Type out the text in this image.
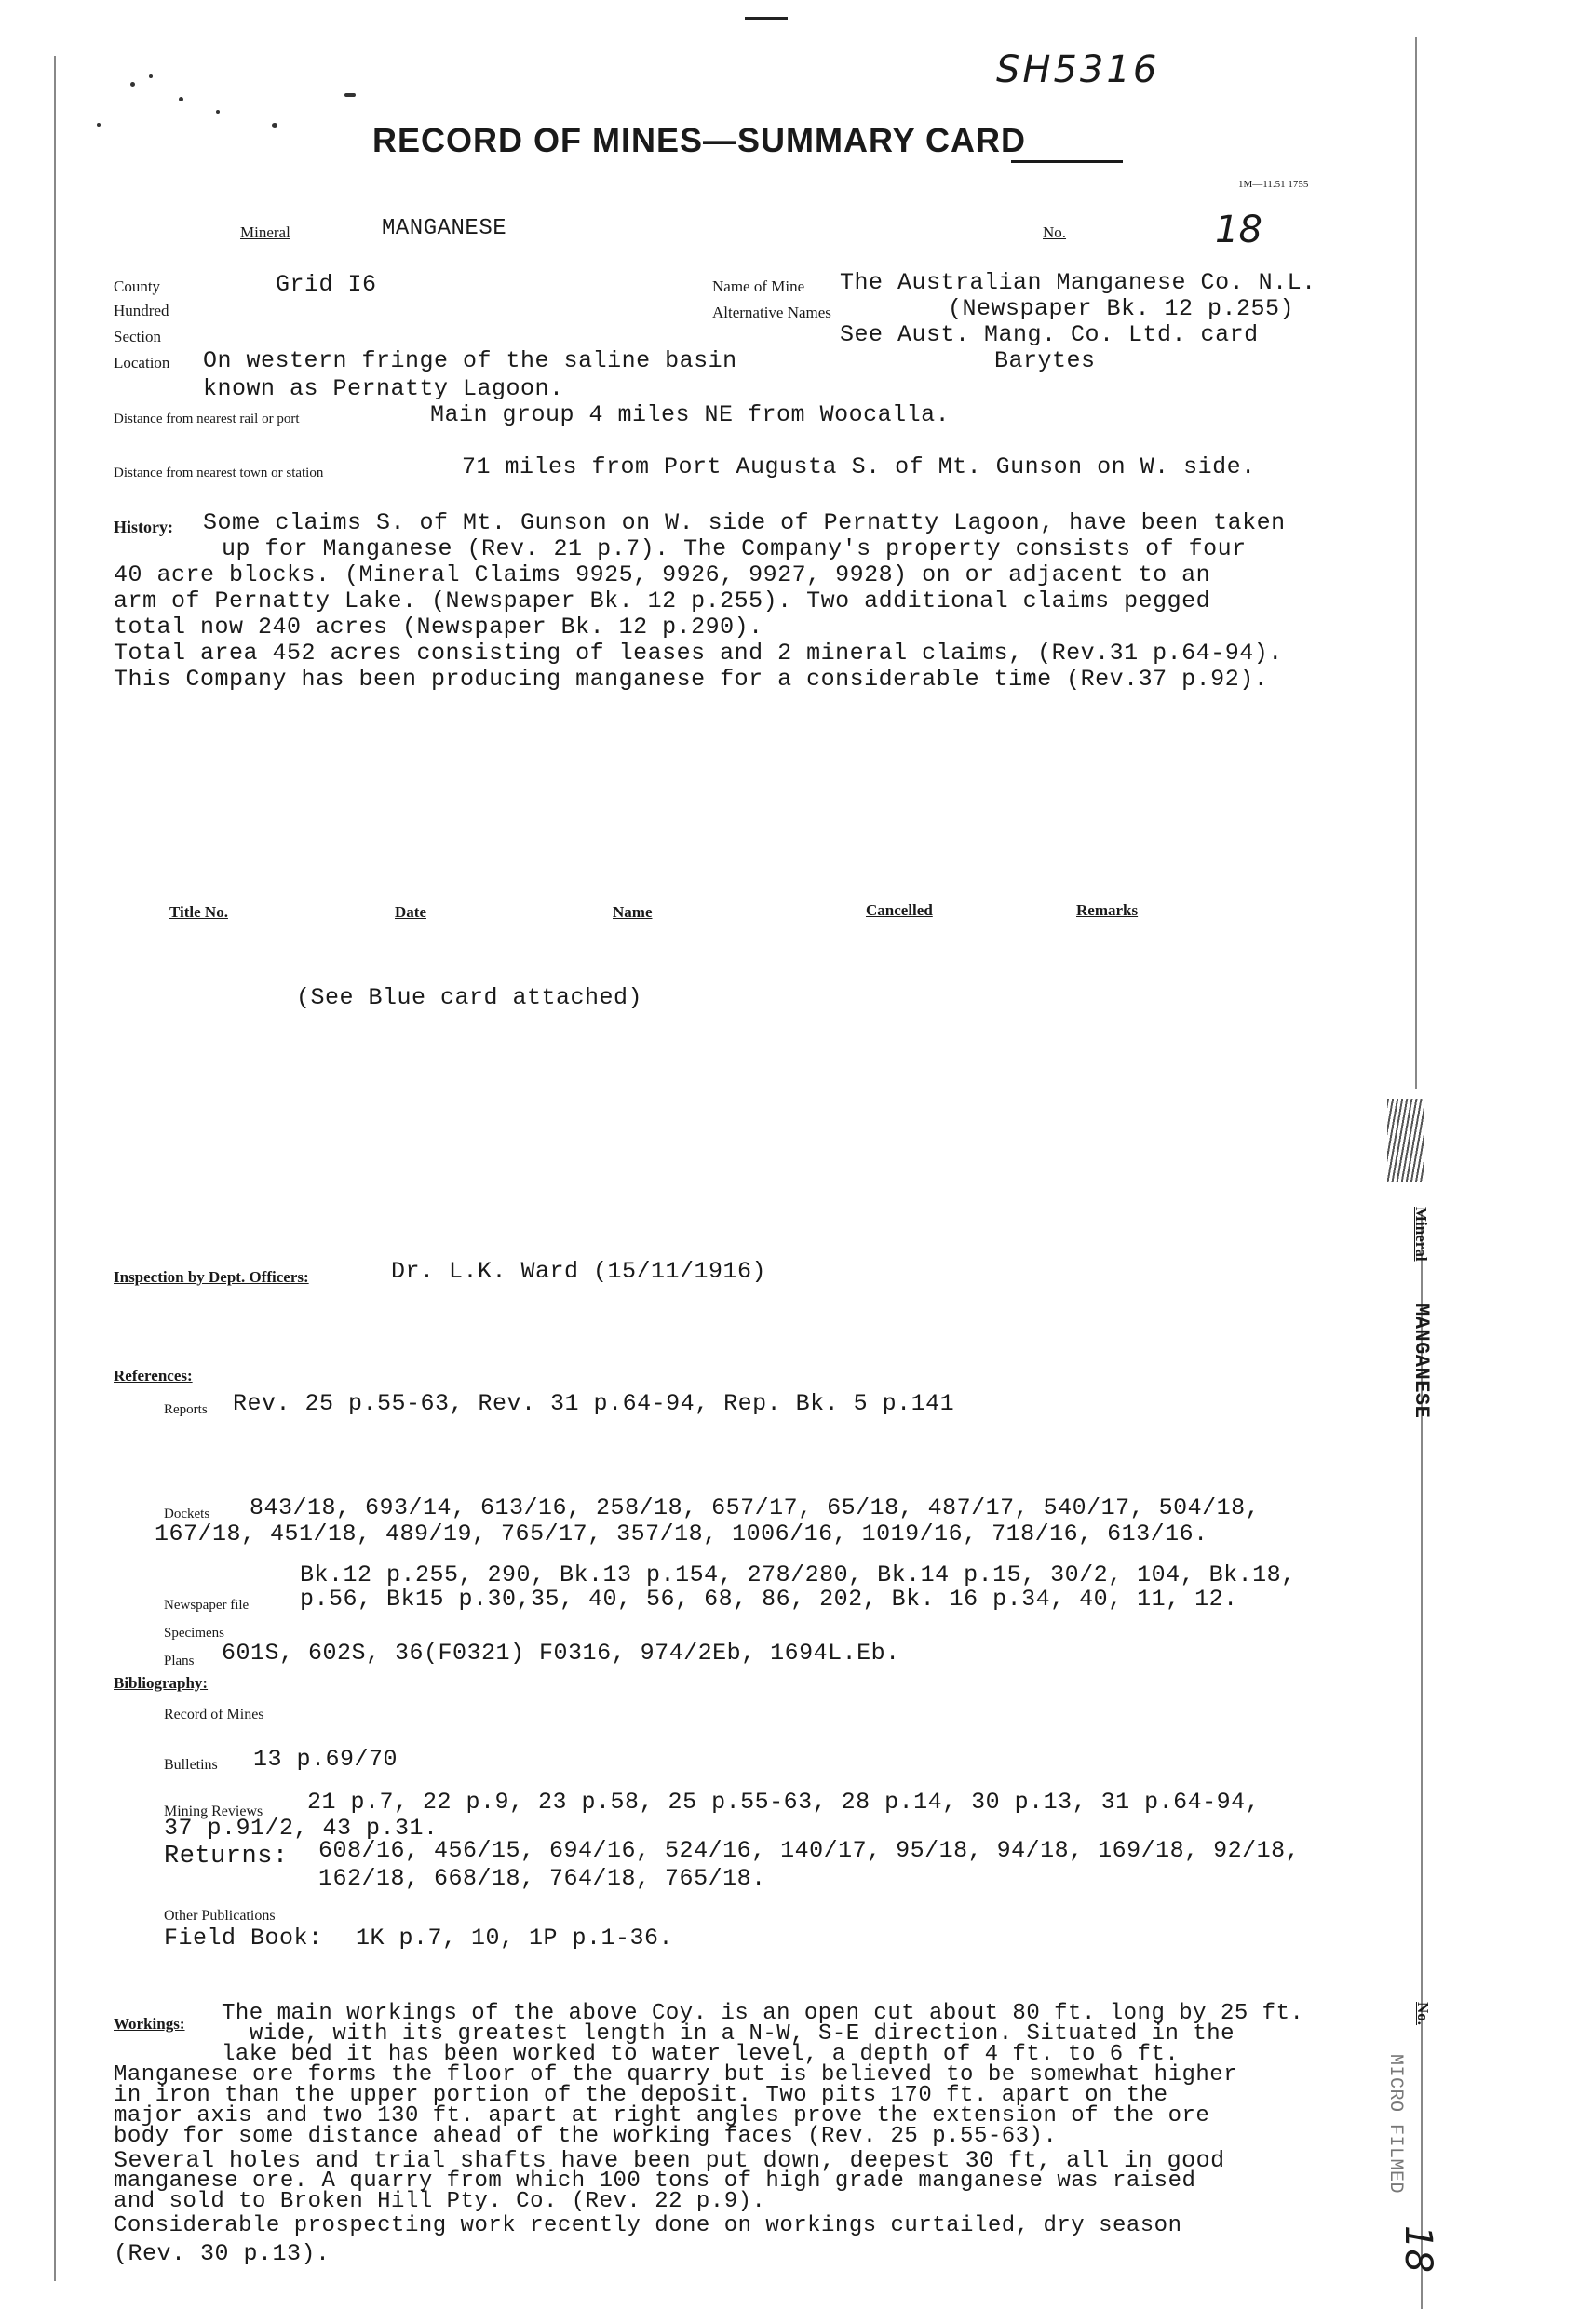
SH5316
RECORD OF MINES—SUMMARY CARD
1M—11.51 1755
Mineral	MANGANESE	No.	18
County	Grid I6
Hundred
Section
Location On western fringe of the saline basin
known as Pernatty Lagoon.
Name of Mine The Australian Manganese Co. N.L.
Alternative Names	(Newspaper Bk. 12 p.255)
See Aust. Mang. Co. Ltd. card
Barytes
Distance from nearest rail or port	Main group 4 miles NE from Woocalla.
Distance from nearest town or station	71 miles from Port Augusta S. of Mt. Gunson on W. side.
History: Some claims S. of Mt. Gunson on W. side of Pernatty Lagoon, have been taken
up for Manganese (Rev. 21 p.7). The Company's property consists of four
40 acre blocks. (Mineral Claims 9925, 9926, 9927, 9928) on or adjacent to an
arm of Pernatty Lake. (Newspaper Bk. 12 p.255). Two additional claims pegged
total now 240 acres (Newspaper Bk. 12 p.290).
Total area 452 acres consisting of leases and 2 mineral claims, (Rev.31 p.64-94).
This Company has been producing manganese for a considerable time (Rev.37 p.92).
Title No.	Date	Name	Cancelled	Remarks
(See Blue card attached)
Inspection by Dept. Officers:	Dr. L.K. Ward (15/11/1916)
References:
Reports Rev. 25 p.55-63, Rev. 31 p.64-94, Rep. Bk. 5 p.141
Dockets 843/18, 693/14, 613/16, 258/18, 657/17, 65/18, 487/17, 540/17, 504/18,
167/18, 451/18, 489/19, 765/17, 357/18, 1006/16, 1019/16, 718/16, 613/16.
Bk.12 p.255, 290, Bk.13 p.154, 278/280, Bk.14 p.15, 30/2, 104, Bk.18,
Newspaper file p.56, Bk15 p.30,35, 40, 56, 68, 86, 202, Bk. 16 p.34, 40, 11, 12.
Specimens
Plans 601S, 602S, 36(F0321) F0316, 974/2Eb, 1694L.Eb.
Bibliography:
Record of Mines
Bulletins 13 p.69/70
Mining Reviews 21 p.7, 22 p.9, 23 p.58, 25 p.55-63, 28 p.14, 30 p.13, 31 p.64-94,
37 p.91/2, 43 p.31.
Returns: 608/16, 456/15, 694/16, 524/16, 140/17, 95/18, 94/18, 169/18, 92/18,
162/18, 668/18, 764/18, 765/18.
Other Publications
Field Book: 1K p.7, 10, 1P p.1-36.
Workings: The main workings of the above Coy. is an open cut about 80 ft. long by 25 ft.
wide, with its greatest length in a N-W, S-E direction. Situated in the
lake bed it has been worked to water level, a depth of 4 ft. to 6 ft.
Manganese ore forms the floor of the quarry but is believed to be somewhat higher
in iron than the upper portion of the deposit. Two pits 170 ft. apart on the
major axis and two 130 ft. apart at right angles prove the extension of the ore
body for some distance ahead of the working faces (Rev. 25 p.55-63).
Several holes and trial shafts have been put down, deepest 30 ft, all in good
manganese ore. A quarry from which 100 tons of high grade manganese was raised
and sold to Broken Hill Pty. Co. (Rev. 22 p.9).
Considerable prospecting work recently done on workings curtailed, dry season
(Rev. 30 p.13).
Mineral
MANGANESE
No.
MICRO FILMED
18
